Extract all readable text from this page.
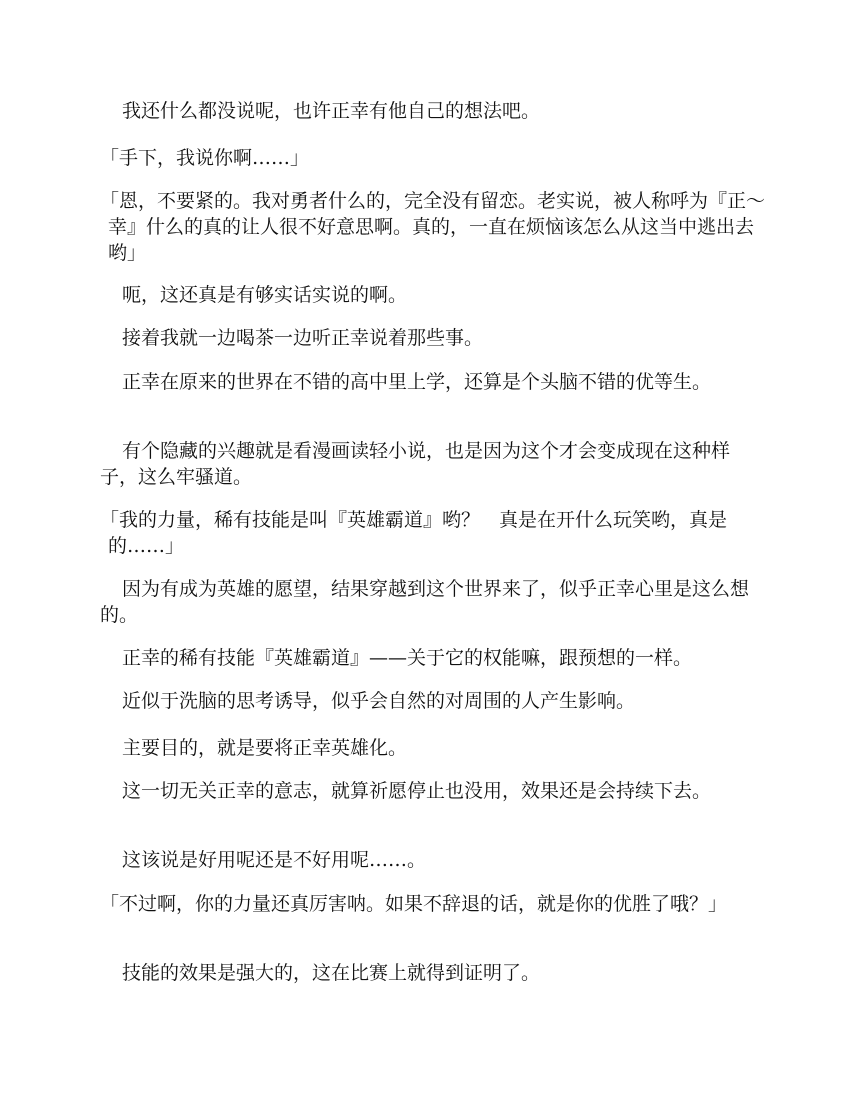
我还什么都没说呢，也许正幸有他自己的想法吧。

「手下，我说你啊……」

「恩，不要紧的。我对勇者什么的，完全没有留恋。老实说，被人称呼为『正～幸』什么的真的让人很不好意思啊。真的，一直在烦恼该怎么从这当中逃出去哟」

呃，这还真是有够实话实说的啊。

接着我就一边喝茶一边听正幸说着那些事。

正幸在原来的世界在不错的高中里上学，还算是个头脑不错的优等生。

有个隐藏的兴趣就是看漫画读轻小说，也是因为这个才会变成现在这种样子，这么牢骚道。

「我的力量，稀有技能是叫『英雄霸道』哟？　真是在开什么玩笑哟，真是的……」

因为有成为英雄的愿望，结果穿越到这个世界来了，似乎正幸心里是这么想的。

正幸的稀有技能『英雄霸道』——关于它的权能嘛，跟预想的一样。

近似于洗脑的思考诱导，似乎会自然的对周围的人产生影响。

主要目的，就是要将正幸英雄化。

这一切无关正幸的意志，就算祈愿停止也没用，效果还是会持续下去。

这该说是好用呢还是不好用呢……。

「不过啊，你的力量还真厉害呐。如果不辞退的话，就是你的优胜了哦？」

技能的效果是强大的，这在比赛上就得到证明了。
